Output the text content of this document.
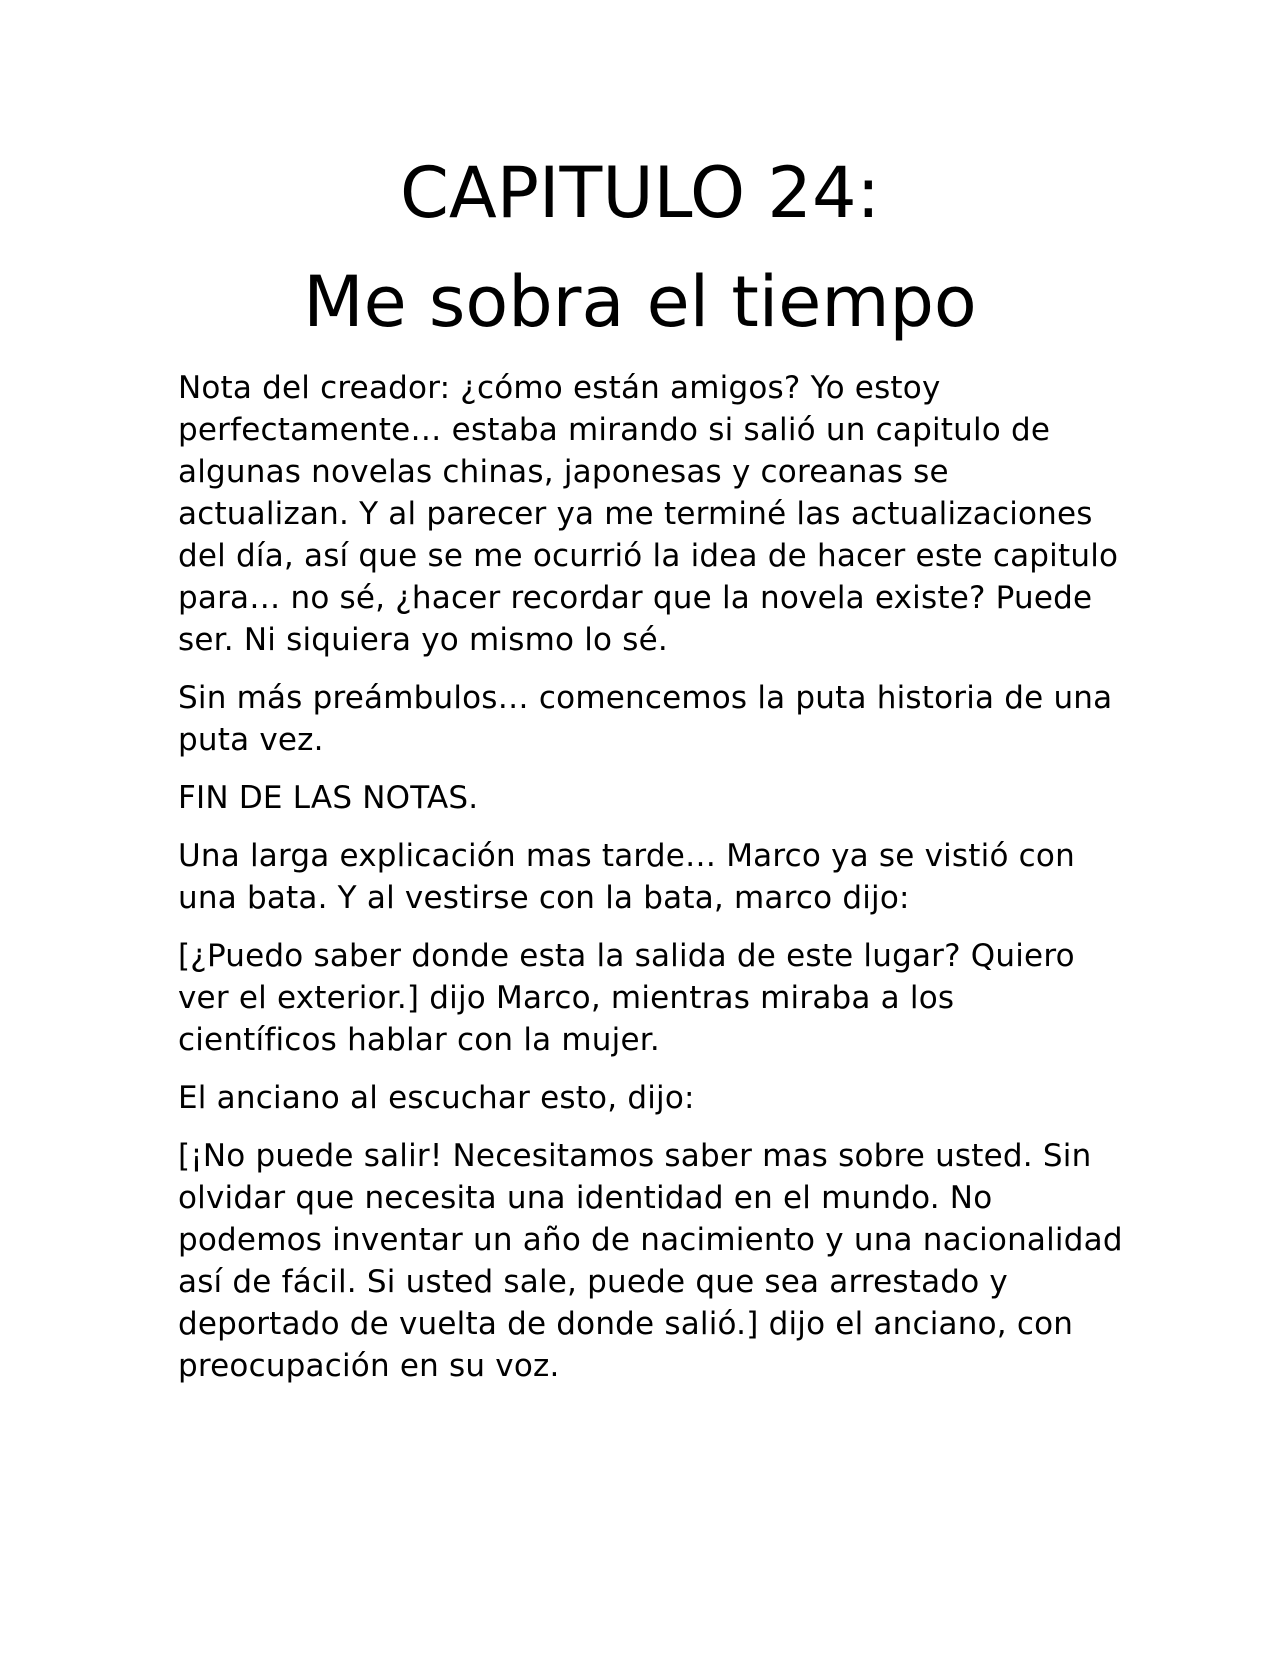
CAPITULO 24:
Me sobra el tiempo

Nota del creador: ¿cómo están amigos? Yo estoy perfectamente… estaba mirando si salió un capitulo de algunas novelas chinas, japonesas y coreanas se actualizan. Y al parecer ya me terminé las actualizaciones del día, así que se me ocurrió la idea de hacer este capitulo para… no sé, ¿hacer recordar que la novela existe? Puede ser. Ni siquiera yo mismo lo sé.

Sin más preámbulos… comencemos la puta historia de una puta vez.

FIN DE LAS NOTAS.

Una larga explicación mas tarde… Marco ya se vistió con una bata. Y al vestirse con la bata, marco dijo:

[¿Puedo saber donde esta la salida de este lugar? Quiero ver el exterior.] dijo Marco, mientras miraba a los científicos hablar con la mujer.

El anciano al escuchar esto, dijo:

[¡No puede salir! Necesitamos saber mas sobre usted. Sin olvidar que necesita una identidad en el mundo. No podemos inventar un año de nacimiento y una nacionalidad así de fácil. Si usted sale, puede que sea arrestado y deportado de vuelta de donde salió.] dijo el anciano, con preocupación en su voz.
